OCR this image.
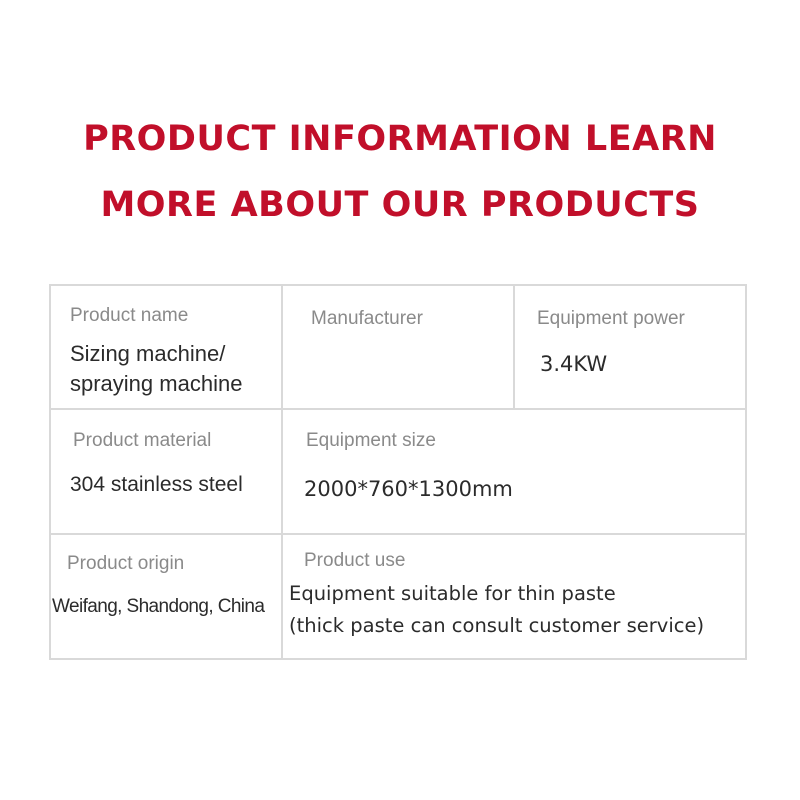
PRODUCT INFORMATION LEARN
MORE ABOUT OUR PRODUCTS
Product name
Sizing machine/
spraying machine
Manufacturer	Equipment power
3.4KW
Product material
304 stainless steel
Equipment size
2000*760*1300mm
Product origin
Weifang, Shandong, China
Product use
Equipment suitable for thin paste
(thick paste can consult customer service)
